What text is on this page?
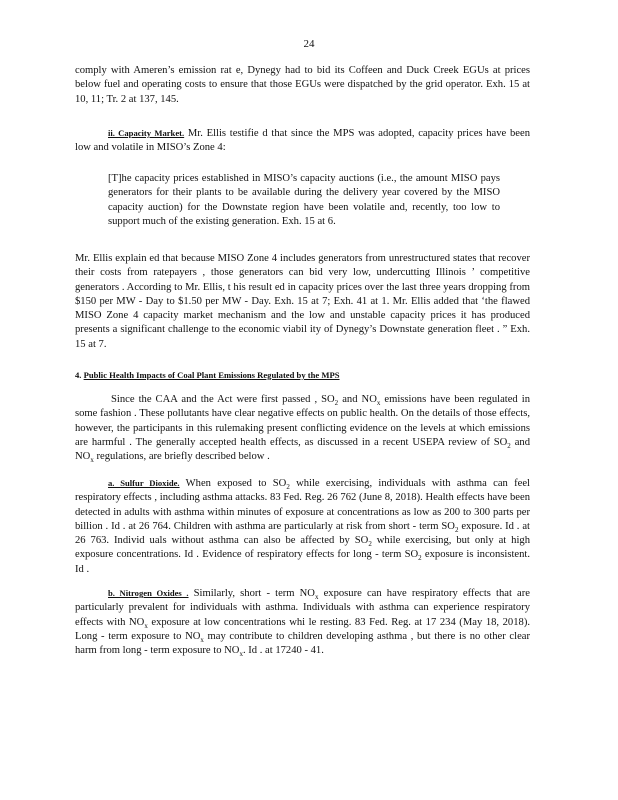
24

comply with Ameren’s emission rat e, Dynegy had to bid its Coffeen and Duck Creek EGUs at prices below fuel and operating costs to ensure that those EGUs were dispatched by the grid operator. Exh. 15 at 10, 11; Tr. 2 at 137, 145.

ii. Capacity Market. Mr. Ellis testifie d that since the MPS was adopted, capacity prices have been low and volatile in MISO’s Zone 4:

[T]he capacity prices established in MISO’s capacity auctions (i.e., the amount MISO pays generators for their plants to be available during the delivery year covered by the MISO capacity auction) for the Downstate region have been volatile and, recently, too low to support much of the existing generation. Exh. 15 at 6.

Mr. Ellis explain ed that because MISO Zone 4 includes generators from unrestructured states that recover their costs from ratepayers , those generators can bid very low, undercutting Illinois ’ competitive generators . According to Mr. Ellis, t his result ed in capacity prices over the last three years dropping from $150 per MW - Day to $1.50 per MW - Day. Exh. 15 at 7; Exh. 41 at 1. Mr. Ellis added that ‘the flawed MISO Zone 4 capacity market mechanism and the low and unstable capacity prices it has produced presents a significant challenge to the economic viabil ity of Dynegy’s Downstate generation fleet . ” Exh. 15 at 7.

4. Public Health Impacts of Coal Plant Emissions Regulated by the MPS

Since the CAA and the Act were first passed , $SO_2$ and $NO_x$ emissions have been regulated in some fashion . These pollutants have clear negative effects on public health. On the details of those effects, however, the participants in this rulemaking present conflicting evidence on the levels at which emissions are harmful . The generally accepted health effects, as discussed in a recent USEPA review of $SO_2$ and $NO_x$ regulations, are briefly described below .

a. Sulfur Dioxide. When exposed to $SO_2$ while exercising, individuals with asthma can feel respiratory effects , including asthma attacks. 83 Fed. Reg. 26 762 (June 8, 2018). Health effects have been detected in adults with asthma within minutes of exposure at concentrations as low as 200 to 300 parts per billion . Id . at 26 764. Children with asthma are particularly at risk from short - term $SO_2$ exposure. Id . at 26 763. Individ uals without asthma can also be affected by $SO_2$ while exercising, but only at high exposure concentrations. Id . Evidence of respiratory effects for long - term $SO_2$ exposure is inconsistent. Id .

b. Nitrogen Oxides . Similarly, short - term $NO_x$ exposure can have respiratory effects that are particularly prevalent for individuals with asthma. Individuals with asthma can experience respiratory effects with $NO_x$ exposure at low concentrations whi le resting. 83 Fed. Reg. at 17 234 (May 18, 2018). Long - term exposure to $NO_x$ may contribute to children developing asthma , but there is no other clear harm from long - term exposure to $NO_x$. Id . at 17240 - 41.
